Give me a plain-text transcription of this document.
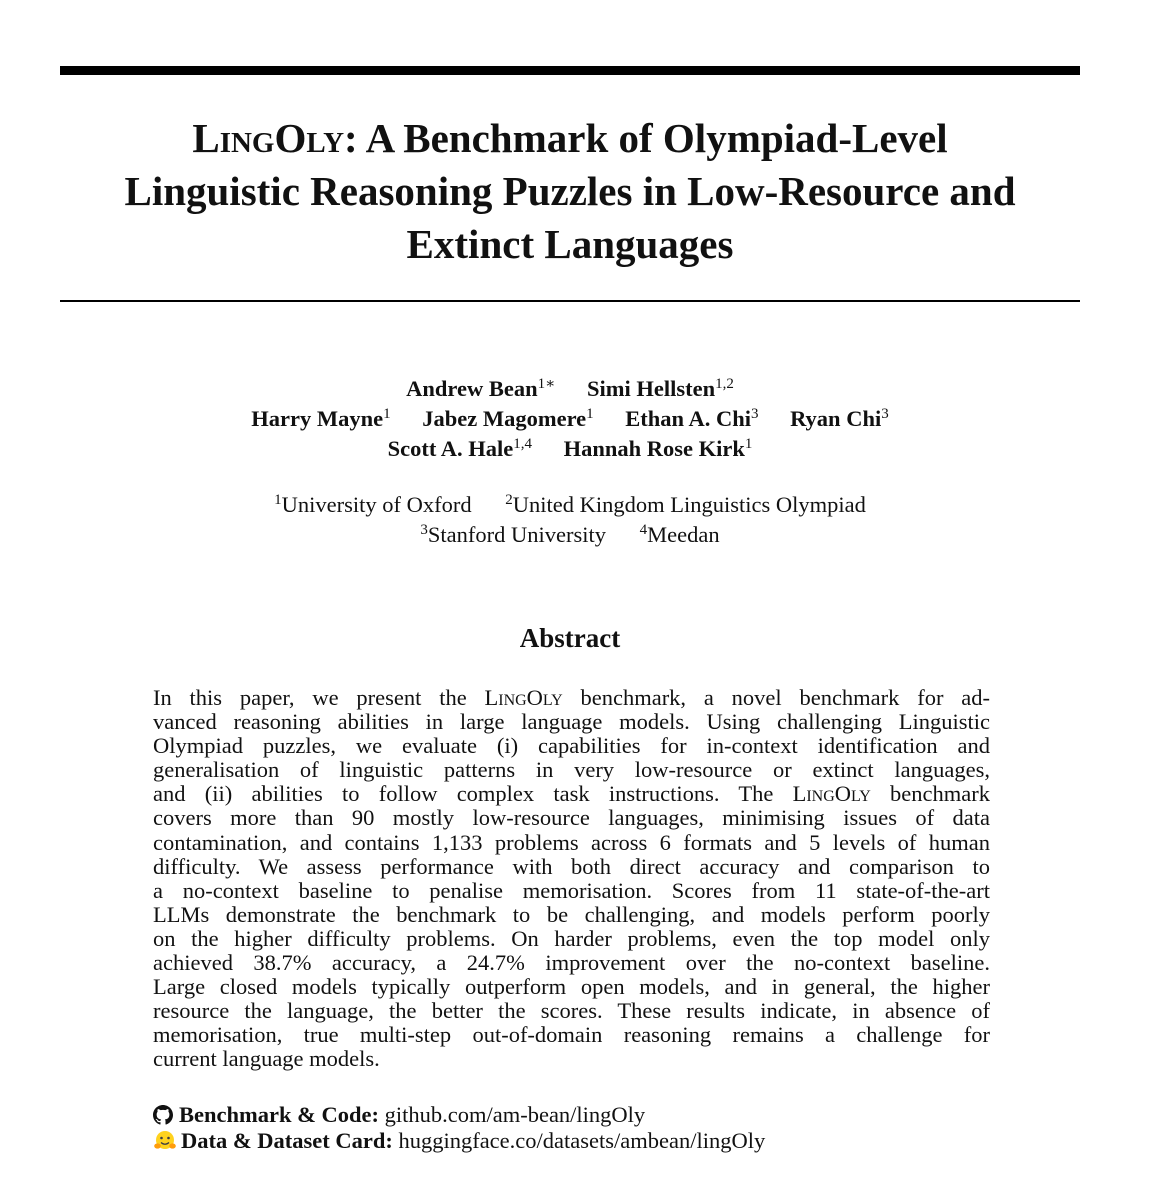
LingOly: A Benchmark of Olympiad-Level
Linguistic Reasoning Puzzles in Low-Resource and
Extinct Languages
Andrew Bean$^{1∗}$ Simi Hellsten$^{1,2}$
Harry Mayne$^1$ Jabez Magomere$^1$ Ethan A. Chi$^3$ Ryan Chi$^3$
Scott A. Hale$^{1,4}$ Hannah Rose Kirk$^1$
$^1$University of Oxford $^2$United Kingdom Linguistics Olympiad
$^3$Stanford University $^4$Meedan
Abstract
In this paper, we present the LingOly benchmark, a novel benchmark for ad-
vanced reasoning abilities in large language models. Using challenging Linguistic
Olympiad puzzles, we evaluate (i) capabilities for in-context identification and
generalisation of linguistic patterns in very low-resource or extinct languages,
and (ii) abilities to follow complex task instructions. The LingOly benchmark
covers more than 90 mostly low-resource languages, minimising issues of data
contamination, and contains 1,133 problems across 6 formats and 5 levels of human
difficulty. We assess performance with both direct accuracy and comparison to
a no-context baseline to penalise memorisation. Scores from 11 state-of-the-art
LLMs demonstrate the benchmark to be challenging, and models perform poorly
on the higher difficulty problems. On harder problems, even the top model only
achieved 38.7% accuracy, a 24.7% improvement over the no-context baseline.
Large closed models typically outperform open models, and in general, the higher
resource the language, the better the scores. These results indicate, in absence of
memorisation, true multi-step out-of-domain reasoning remains a challenge for
current language models.
Benchmark & Code: github.com/am-bean/lingOly
Data & Dataset Card: huggingface.co/datasets/ambean/lingOly
